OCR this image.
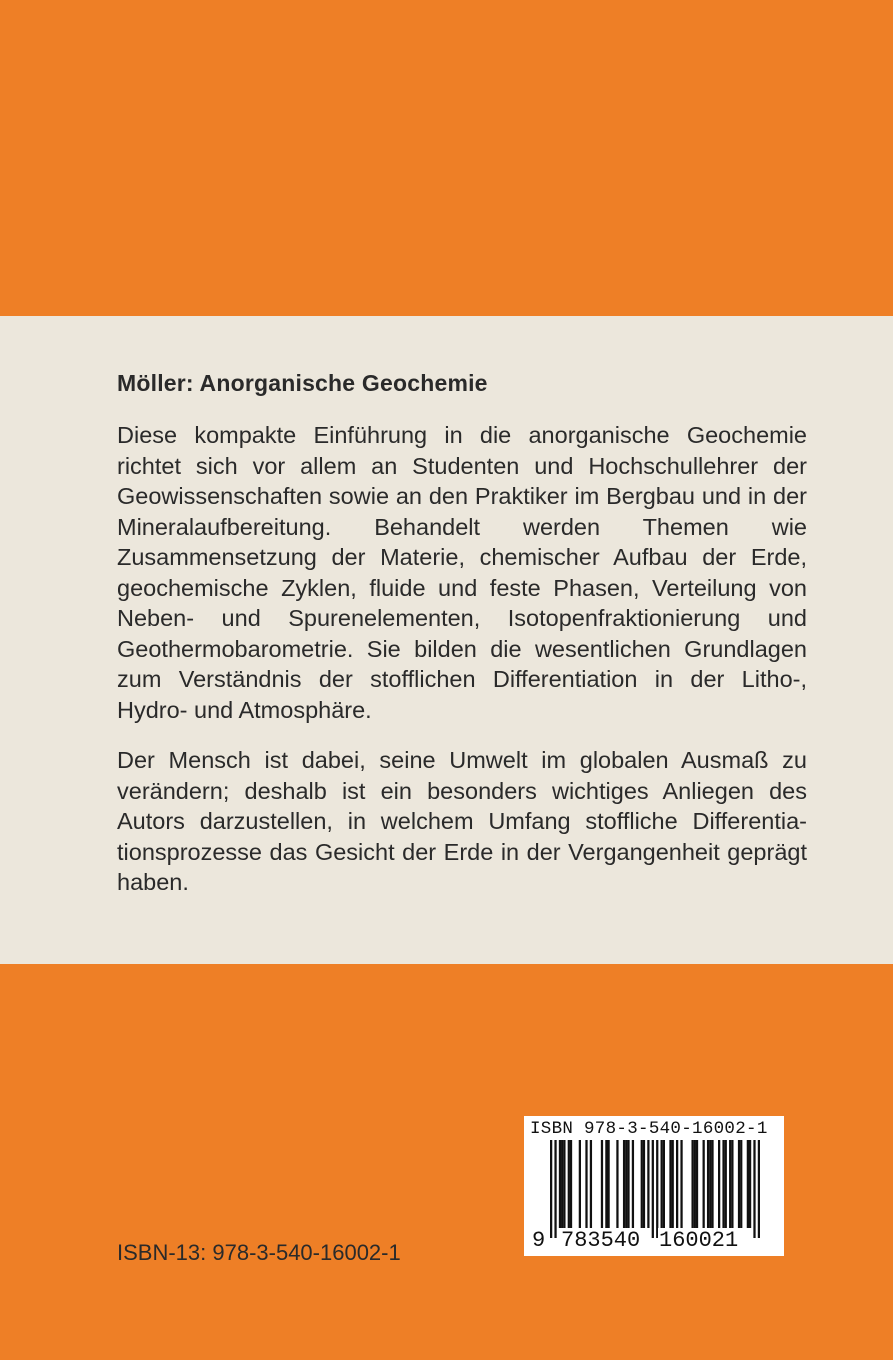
Möller: Anorganische Geochemie

Diese kompakte Einführung in die anorganische Geochemie richtet sich vor allem an Studenten und Hochschullehrer der Geowissenschaften sowie an den Praktiker im Bergbau und in der Mineralaufbereitung. Behandelt werden Themen wie Zusammensetzung der Materie, chemischer Aufbau der Erde, geochemische Zyklen, fluide und feste Phasen, Verteilung von Neben- und Spurenelementen, Isotopenfraktionierung und Geothermobarometrie. Sie bilden die wesentlichen Grundlagen zum Verständnis der stofflichen Differentiation in der Litho-, Hydro- und Atmosphäre.

Der Mensch ist dabei, seine Umwelt im globalen Ausmaß zu verändern; deshalb ist ein besonders wichtiges Anliegen des Autors darzustellen, in welchem Umfang stoffliche Differentiationsprozesse das Gesicht der Erde in der Vergangenheit geprägt haben.

ISBN-13: 978-3-540-16002-1

ISBN 978-3-540-16002-1
9 783540 160021
